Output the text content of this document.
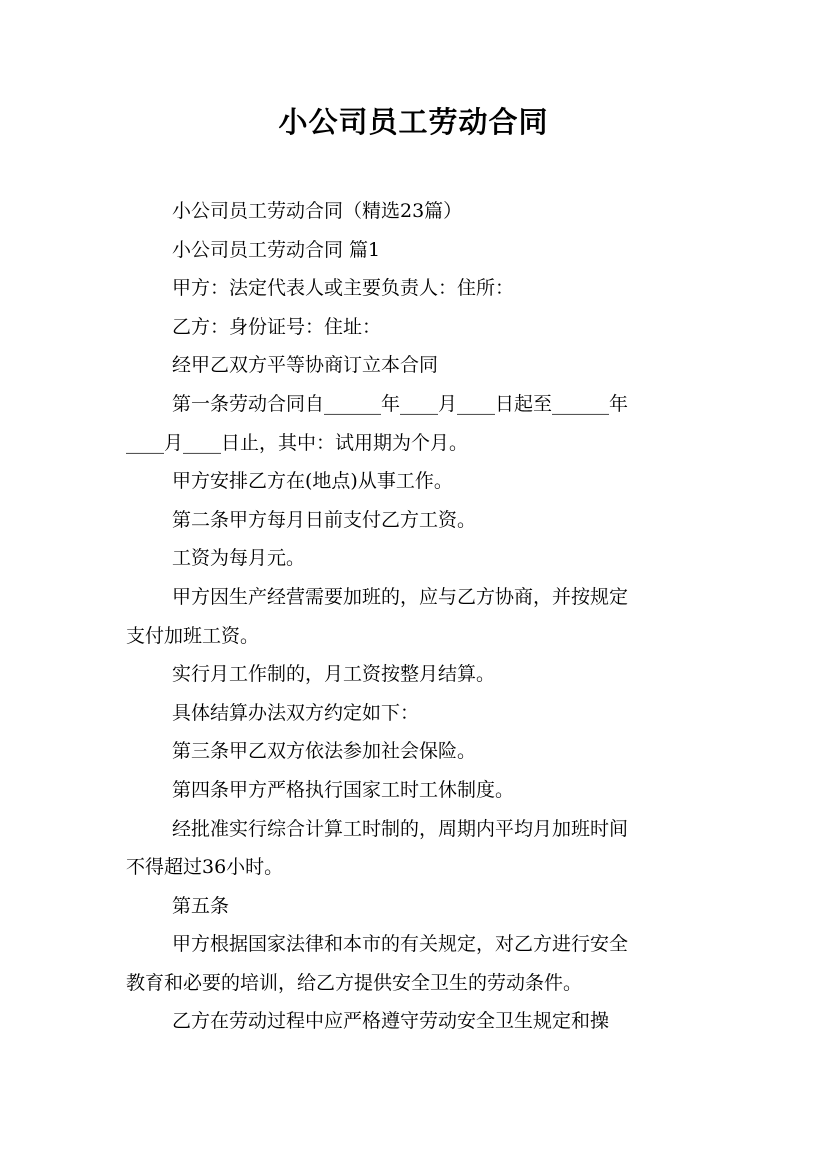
小公司员工劳动合同
小公司员工劳动合同（精选23篇）
小公司员工劳动合同 篇1
甲方：法定代表人或主要负责人：住所：
乙方：身份证号：住址：
经甲乙双方平等协商订立本合同
第一条劳动合同自______年____月____日起至______年
____月____日止，其中：试用期为个月。
甲方安排乙方在(地点)从事工作。
第二条甲方每月日前支付乙方工资。
工资为每月元。
甲方因生产经营需要加班的，应与乙方协商，并按规定
支付加班工资。
实行月工作制的，月工资按整月结算。
具体结算办法双方约定如下：
第三条甲乙双方依法参加社会保险。
第四条甲方严格执行国家工时工休制度。
经批准实行综合计算工时制的，周期内平均月加班时间
不得超过36小时。
第五条
甲方根据国家法律和本市的有关规定，对乙方进行安全
教育和必要的培训，给乙方提供安全卫生的劳动条件。
乙方在劳动过程中应严格遵守劳动安全卫生规定和操
